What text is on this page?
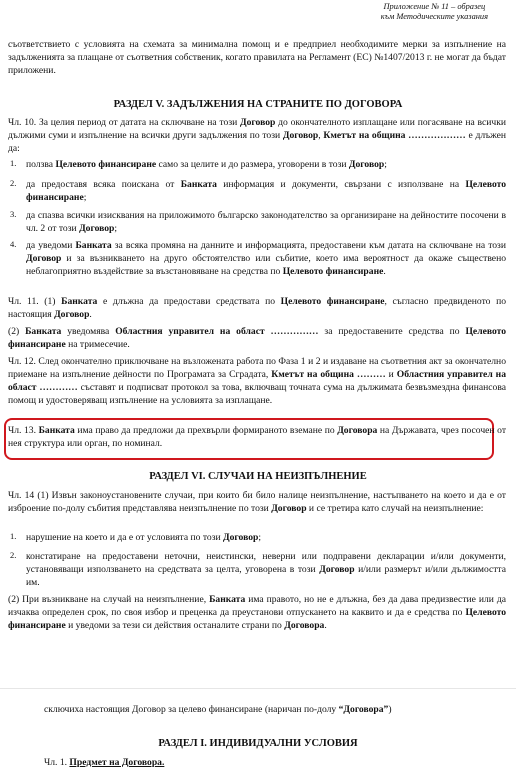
Приложение № 11 – образец
към Методическите указания

съответствието с условията на схемата за минимална помощ и е предприел необходимите мерки за изпълнение на задълженията за плащане от съответния собственик, когато правилата на Регламент (ЕС) №1407/2013 г. не могат да бъдат приложени.

РАЗДЕЛ V. ЗАДЪЛЖЕНИЯ НА СТРАНИТЕ ПО ДОГОВОРА

Чл. 10. За целия период от датата на сключване на този Договор до окончателното изплащане или погасяване на всички дължими суми и изпълнение на всички други задължения по този Договор, Кметът на община ……………… е длъжен да:

1. ползва Целевото финансиране само за целите и до размера, уговорени в този Договор;
2. да предоставя всяка поискана от Банката информация и документи, свързани с използване на Целевото финансиране;
3. да спазва всички изисквания на приложимото българско законодателство за организиране на дейностите посочени в чл. 2 от този Договор;
4. да уведоми Банката за всяка промяна на данните и информацията, предоставени към датата на сключване на този Договор и за възникването на друго обстоятелство или събитие, което има вероятност да окаже съществено неблагоприятно въздействие за възстановяване на средства по Целевото финансиране.

Чл. 11. (1) Банката е длъжна да предостави средствата по Целевото финансиране, съгласно предвиденото по настоящия Договор.

(2) Банката уведомява Областния управител на област …………… за предоставените средства по Целевото финансиране на тримесечие.

Чл. 12. След окончателно приключване на възложената работа по Фаза 1 и 2 и издаване на съответния акт за окончателно приемане на изпълнение дейности по Програмата за Сградата, Кметът на община ……… и Областния управител на област ………… съставят и подписват протокол за това, включващ точната сума на дължимата безвъзмездна финансова помощ и удостоверяващ изпълнение на условията за изплащане.

Чл. 13. Банката има право да предложи да прехвърли формираното вземане по Договора на Държавата, чрез посочен от нея структура или орган, по номинал.

РАЗДЕЛ VI. СЛУЧАИ НА НЕИЗПЪЛНЕНИЕ

Чл. 14 (1) Извън законоустановените случаи, при които би било налице неизпълнение, настъпването на което и да е от изброение по-долу събития представлява неизпълнение по този Договор и се третира като случай на неизпълнение:

1. нарушение на което и да е от условията по този Договор;
2. констатиране на предоставени неточни, неистински, неверни или подправени декларации и/или документи, установяващи използването на средствата за целта, уговорена в този Договор и/или размерът и/или дължимостта им.

(2) При възникване на случай на неизпълнение, Банката има правото, но не е длъжна, без да дава предизвестие или да изчаква определен срок, по своя избор и преценка да преустанови отпускането на каквито и да е средства по Целевото финансиране и уведоми за тези си действия останалите страни по Договора.

сключиха настоящия Договор за целево финансиране (наричан по-долу “Договора”)

РАЗДЕЛ I. ИНДИВИДУАЛНИ УСЛОВИЯ

Чл. 1. Предмет на Договора.
